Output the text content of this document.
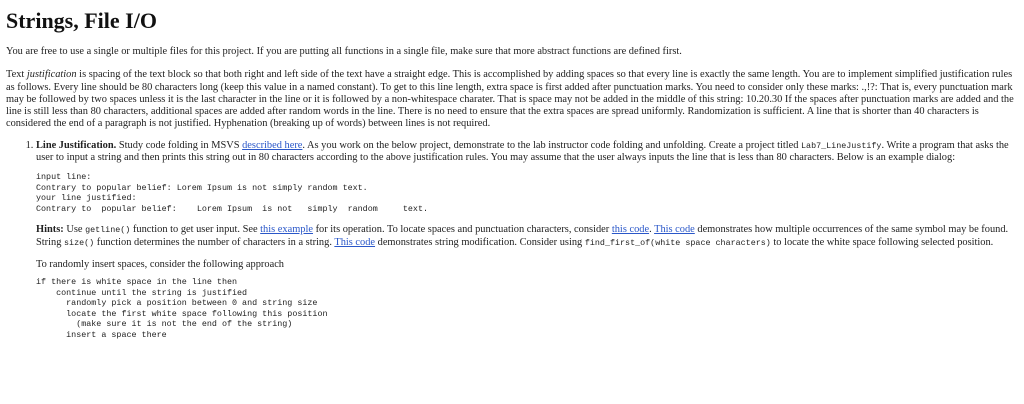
Strings, File I/O

You are free to use a single or multiple files for this project. If you are putting all functions in a single file, make sure that more abstract functions are defined first.

Text justification is spacing of the text block so that both right and left side of the text have a straight edge. This is accomplished by adding spaces so that every line is exactly the same length. You are to implement simplified justification rules as follows. Every line should be 80 characters long (keep this value in a named constant). To get to this line length, extra space is first added after punctuation marks. You need to consider only these marks: .,!?: That is, every punctuation mark may be followed by two spaces unless it is the last character in the line or it is followed by a non-whitespace charater. That is space may not be added in the middle of this string: 10.20.30 If the spaces after punctuation marks are added and the line is still less than 80 characters, additional spaces are added after random words in the line. There is no need to ensure that the extra spaces are spread uniformly. Randomization is sufficient. A line that is shorter than 40 characters is considered the end of a paragraph is not justified. Hyphenation (breaking up of words) between lines is not required.

1. Line Justification. Study code folding in MSVS described here. As you work on the below project, demonstrate to the lab instructor code folding and unfolding. Create a project titled Lab7_LineJustify. Write a program that asks the user to input a string and then prints this string out in 80 characters according to the above justification rules. You may assume that the user always inputs the line that is less than 80 characters. Below is an example dialog:
input line:
Contrary to popular belief: Lorem Ipsum is not simply random text.
your line justified:
Contrary to  popular belief:    Lorem Ipsum  is not   simply  random     text.

Hints: Use getline() function to get user input. See this example for its operation. To locate spaces and punctuation characters, consider this code. This code demonstrates how multiple occurrences of the same symbol may be found. String size() function determines the number of characters in a string. This code demonstrates string modification. Consider using find_first_of(white space characters) to locate the white space following selected position.

To randomly insert spaces, consider the following approach

if there is white space in the line then
continue until the string is justified
randomly pick a position between 0 and string size
locate the first white space following this position
(make sure it is not the end of the string)
insert a space there
